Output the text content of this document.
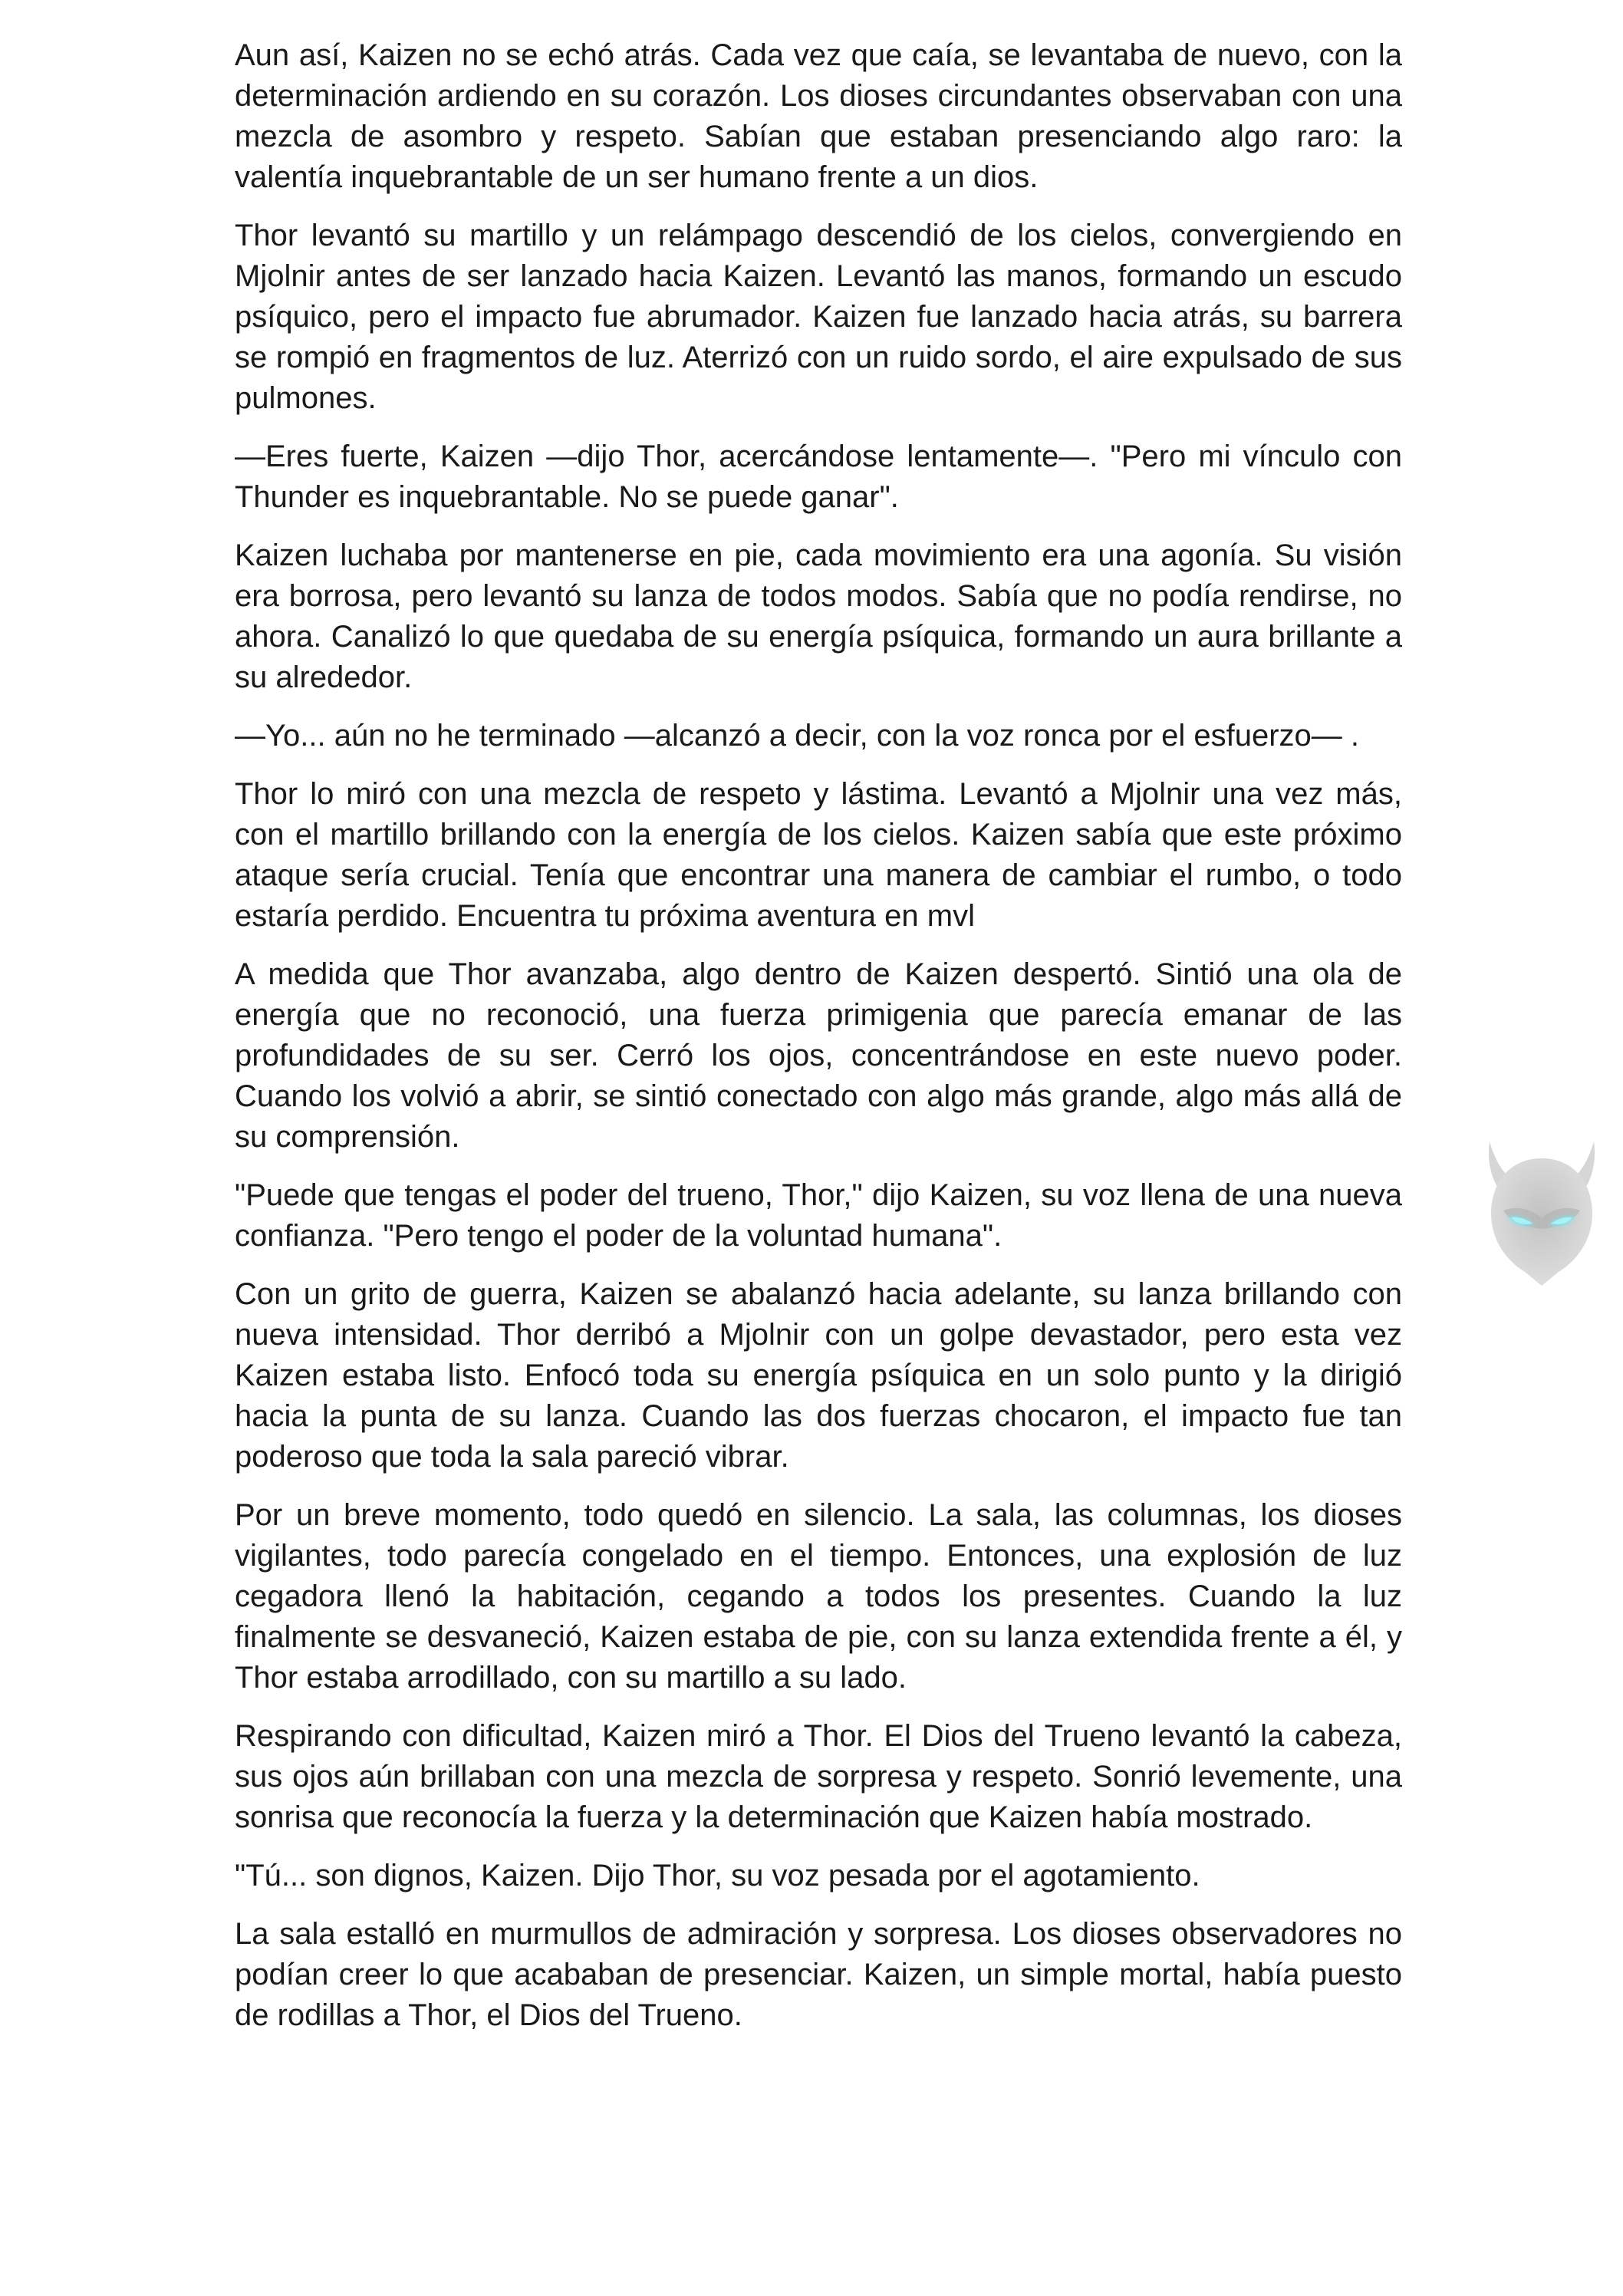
Aun así, Kaizen no se echó atrás. Cada vez que caía, se levantaba de nuevo, con la determinación ardiendo en su corazón. Los dioses circundantes observaban con una mezcla de asombro y respeto. Sabían que estaban presenciando algo raro: la valentía inquebrantable de un ser humano frente a un dios.

Thor levantó su martillo y un relámpago descendió de los cielos, convergiendo en Mjolnir antes de ser lanzado hacia Kaizen. Levantó las manos, formando un escudo psíquico, pero el impacto fue abrumador. Kaizen fue lanzado hacia atrás, su barrera se rompió en fragmentos de luz. Aterrizó con un ruido sordo, el aire expulsado de sus pulmones.

—Eres fuerte, Kaizen —dijo Thor, acercándose lentamente—. "Pero mi vínculo con Thunder es inquebrantable. No se puede ganar".

Kaizen luchaba por mantenerse en pie, cada movimiento era una agonía. Su visión era borrosa, pero levantó su lanza de todos modos. Sabía que no podía rendirse, no ahora. Canalizó lo que quedaba de su energía psíquica, formando un aura brillante a su alrededor.

—Yo... aún no he terminado —alcanzó a decir, con la voz ronca por el esfuerzo— .

Thor lo miró con una mezcla de respeto y lástima. Levantó a Mjolnir una vez más, con el martillo brillando con la energía de los cielos. Kaizen sabía que este próximo ataque sería crucial. Tenía que encontrar una manera de cambiar el rumbo, o todo estaría perdido. Encuentra tu próxima aventura en mvl

A medida que Thor avanzaba, algo dentro de Kaizen despertó. Sintió una ola de energía que no reconoció, una fuerza primigenia que parecía emanar de las profundidades de su ser. Cerró los ojos, concentrándose en este nuevo poder. Cuando los volvió a abrir, se sintió conectado con algo más grande, algo más allá de su comprensión.

"Puede que tengas el poder del trueno, Thor," dijo Kaizen, su voz llena de una nueva confianza. "Pero tengo el poder de la voluntad humana".

Con un grito de guerra, Kaizen se abalanzó hacia adelante, su lanza brillando con nueva intensidad. Thor derribó a Mjolnir con un golpe devastador, pero esta vez Kaizen estaba listo. Enfocó toda su energía psíquica en un solo punto y la dirigió hacia la punta de su lanza. Cuando las dos fuerzas chocaron, el impacto fue tan poderoso que toda la sala pareció vibrar.

Por un breve momento, todo quedó en silencio. La sala, las columnas, los dioses vigilantes, todo parecía congelado en el tiempo. Entonces, una explosión de luz cegadora llenó la habitación, cegando a todos los presentes. Cuando la luz finalmente se desvaneció, Kaizen estaba de pie, con su lanza extendida frente a él, y Thor estaba arrodillado, con su martillo a su lado.

Respirando con dificultad, Kaizen miró a Thor. El Dios del Trueno levantó la cabeza, sus ojos aún brillaban con una mezcla de sorpresa y respeto. Sonrió levemente, una sonrisa que reconocía la fuerza y la determinación que Kaizen había mostrado.

"Tú... son dignos, Kaizen. Dijo Thor, su voz pesada por el agotamiento.

La sala estalló en murmullos de admiración y sorpresa. Los dioses observadores no podían creer lo que acababan de presenciar. Kaizen, un simple mortal, había puesto de rodillas a Thor, el Dios del Trueno.
